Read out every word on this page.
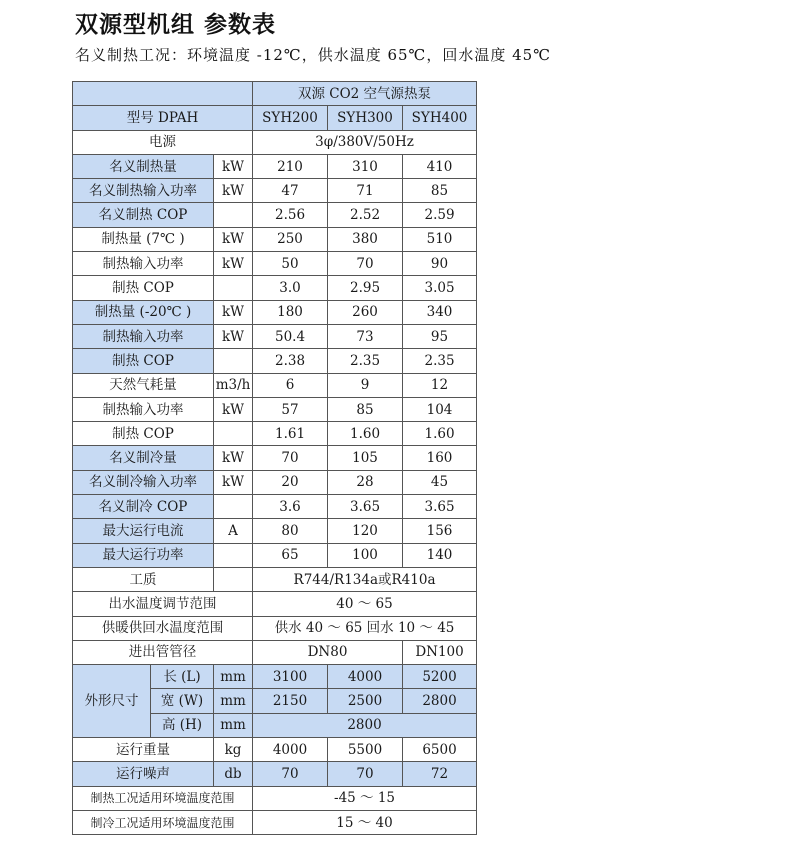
双源型机组 参数表

名义制热工况：环境温度 -12℃，供水温度 65℃，回水温度 45℃

			双源 CO2 空气源热泵		
型号 DPAH			SYH200	SYH300	SYH400
电源			3φ/380V/50Hz		
名义制热量		kW	210	310	410
名义制热输入功率		kW	47	71	85
名义制热 COP			2.56	2.52	2.59
制热量 (7℃ )		kW	250	380	510
制热输入功率		kW	50	70	90
制热 COP			3.0	2.95	3.05
制热量 (-20℃ )		kW	180	260	340
制热输入功率		kW	50.4	73	95
制热 COP			2.38	2.35	2.35
天然气耗量		m3/h	6	9	12
制热输入功率		kW	57	85	104
制热 COP			1.61	1.60	1.60
名义制冷量		kW	70	105	160
名义制冷输入功率		kW	20	28	45
名义制冷 COP			3.6	3.65	3.65
最大运行电流		A	80	120	156
最大运行功率			65	100	140
工质			R744/R134a或R410a		
出水温度调节范围			40 ～ 65		
供暖供回水温度范围			供水 40 ～ 65 回水 10 ～ 45		
进出管管径			DN80		DN100
外形尺寸	长 (L)	mm	3100	4000	5200
	宽 (W)	mm	2150	2500	2800
	高 (H)	mm	2800		
运行重量		kg	4000	5500	6500
运行噪声		db	70	70	72
制热工况适用环境温度范围			-45 ～ 15		
制冷工况适用环境温度范围			15 ～ 40		
